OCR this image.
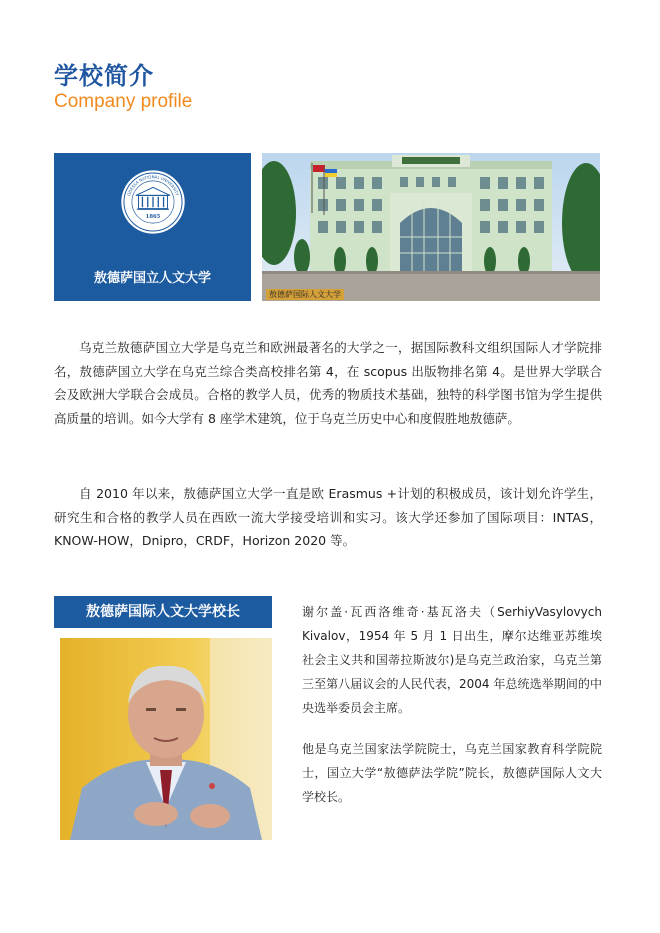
学校简介
Company profile
1865
ODESSA NATIONAL UNIVERSITY
敖德萨国立人文大学
敖德萨国际人文大学

乌克兰敖德萨国立大学是乌克兰和欧洲最著名的大学之一，据国际教科文组织国际人才学院排名，敖德萨国立大学在乌克兰综合类高校排名第 4，在 scopus 出版物排名第 4。是世界大学联合会及欧洲大学联合会成员。合格的教学人员，优秀的物质技术基础，独特的科学图书馆为学生提供高质量的培训。如今大学有 8 座学术建筑，位于乌克兰历史中心和度假胜地敖德萨。

自 2010 年以来，敖德萨国立大学一直是欧 Erasmus +计划的积极成员，该计划允许学生，研究生和合格的教学人员在西欧一流大学接受培训和实习。该大学还参加了国际项目：INTAS，KNOW-HOW，Dnipro，CRDF，Horizon 2020 等。

敖德萨国际人文大学校长	谢尔盖·瓦西洛维奇·基瓦洛夫（SerhiyVasylovych Kivalov，1954 年 5 月 1 日出生，摩尔达维亚苏维埃社会主义共和国蒂拉斯波尔)是乌克兰政治家，乌克兰第三至第八届议会的人民代表，2004 年总统选举期间的中央选举委员会主席。

他是乌克兰国家法学院院士，乌克兰国家教育科学院院士，国立大学“敖德萨法学院”院长，敖德萨国际人文大学校长。
